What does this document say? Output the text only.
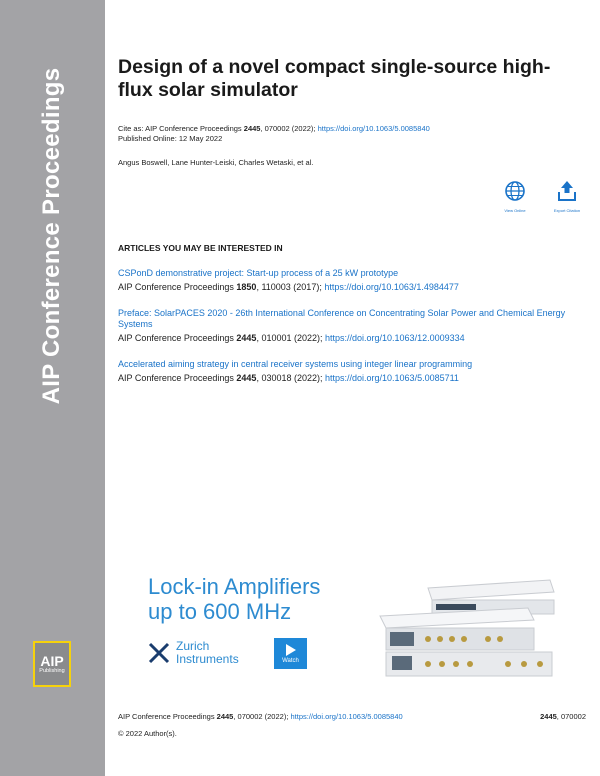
AIP Conference Proceedings
AIP
Publishing
Design of a novel compact single-source high-flux solar simulator
Cite as: AIP Conference Proceedings 2445, 070002 (2022); https://doi.org/10.1063/5.0085840
Published Online: 12 May 2022
Angus Boswell, Lane Hunter-Leiski, Charles Wetaski, et al.
View Online	Export Citation
ARTICLES YOU MAY BE INTERESTED IN
CSPonD demonstrative project: Start-up process of a 25 kW prototype
AIP Conference Proceedings 1850, 110003 (2017); https://doi.org/10.1063/1.4984477
Preface: SolarPACES 2020 - 26th International Conference on Concentrating Solar Power and Chemical Energy Systems
AIP Conference Proceedings 2445, 010001 (2022); https://doi.org/10.1063/12.0009334
Accelerated aiming strategy in central receiver systems using integer linear programming
AIP Conference Proceedings 2445, 030018 (2022); https://doi.org/10.1063/5.0085711
Lock-in Amplifiers
up to 600 MHz
Zurich
Instruments	Watch
AIP Conference Proceedings 2445, 070002 (2022); https://doi.org/10.1063/5.0085840	2445, 070002
© 2022 Author(s).
